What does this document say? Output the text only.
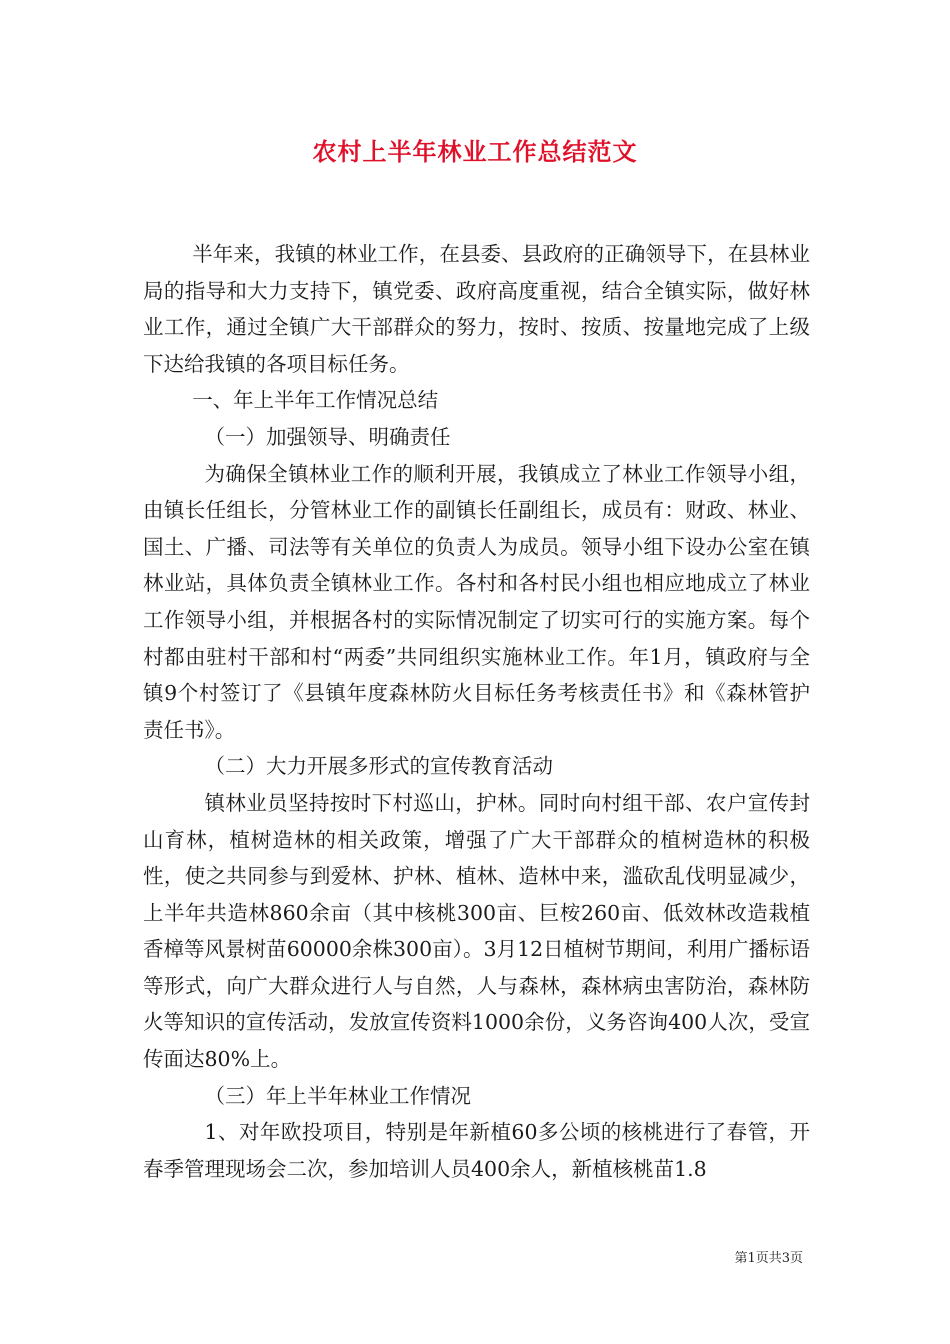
农村上半年林业工作总结范文

半年来，我镇的林业工作，在县委、县政府的正确领导下，在县林业局的指导和大力支持下，镇党委、政府高度重视，结合全镇实际，做好林业工作，通过全镇广大干部群众的努力，按时、按质、按量地完成了上级下达给我镇的各项目标任务。

一、年上半年工作情况总结

（一）加强领导、明确责任

为确保全镇林业工作的顺利开展，我镇成立了林业工作领导小组，由镇长任组长，分管林业工作的副镇长任副组长，成员有：财政、林业、国土、广播、司法等有关单位的负责人为成员。领导小组下设办公室在镇林业站，具体负责全镇林业工作。各村和各村民小组也相应地成立了林业工作领导小组，并根据各村的实际情况制定了切实可行的实施方案。每个村都由驻村干部和村“两委”共同组织实施林业工作。年1月，镇政府与全镇9个村签订了《县镇年度森林防火目标任务考核责任书》和《森林管护责任书》。

（二）大力开展多形式的宣传教育活动

镇林业员坚持按时下村巡山，护林。同时向村组干部、农户宣传封山育林，植树造林的相关政策，增强了广大干部群众的植树造林的积极性，使之共同参与到爱林、护林、植林、造林中来，滥砍乱伐明显减少，上半年共造林860余亩（其中核桃300亩、巨桉260亩、低效林改造栽植香樟等风景树苗60000余株300亩）。3月12日植树节期间，利用广播标语等形式，向广大群众进行人与自然，人与森林，森林病虫害防治，森林防火等知识的宣传活动，发放宣传资料1000余份，义务咨询400人次，受宣传面达80%上。

（三）年上半年林业工作情况

1、对年欧投项目，特别是年新植60多公顷的核桃进行了春管，开春季管理现场会二次，参加培训人员400余人，新植核桃苗1.8

第1页共3页
